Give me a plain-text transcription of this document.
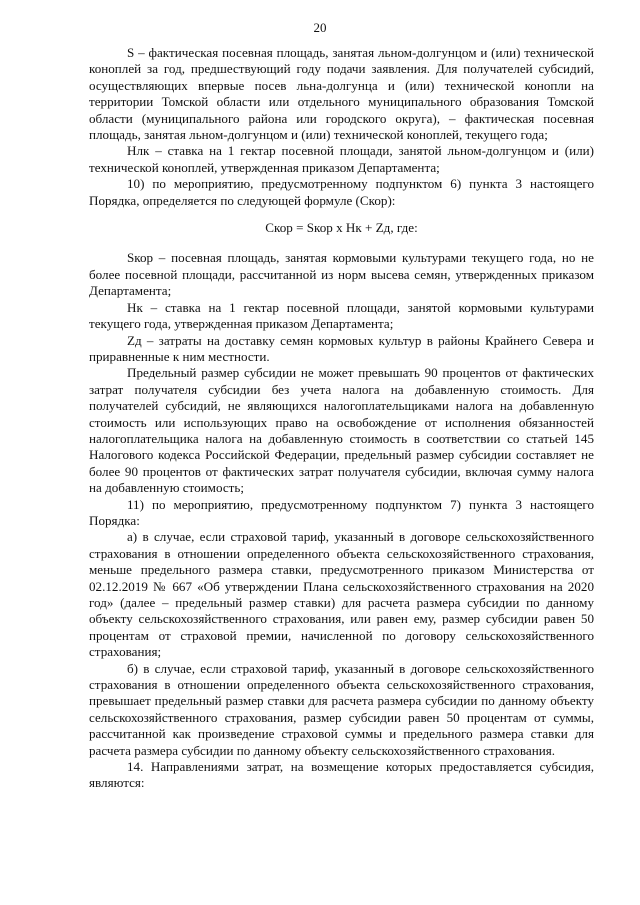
20

S – фактическая посевная площадь, занятая льном-долгунцом и (или) технической коноплей за год, предшествующий году подачи заявления. Для получателей субсидий, осуществляющих впервые посев льна-долгунца и (или) технической конопли на территории Томской области или отдельного муниципального образования Томской области (муниципального района или городского округа), – фактическая посевная площадь, занятая льном-долгунцом и (или) технической коноплей, текущего года;

Hлк – ставка на 1 гектар посевной площади, занятой льном-долгунцом и (или) технической коноплей, утвержденная приказом Департамента;

10) по мероприятию, предусмотренному подпунктом 6) пункта 3 настоящего Порядка, определяется по следующей формуле (Скор):

Скор = Sкор х Hк + Zд, где:

Sкор – посевная площадь, занятая кормовыми культурами текущего года, но не более посевной площади, рассчитанной из норм высева семян, утвержденных приказом Департамента;

Hк – ставка на 1 гектар посевной площади, занятой кормовыми культурами текущего года, утвержденная приказом Департамента;

Zд – затраты на доставку семян кормовых культур в районы Крайнего Севера и приравненные к ним местности.

Предельный размер субсидии не может превышать 90 процентов от фактических затрат получателя субсидии без учета налога на добавленную стоимость. Для получателей субсидий, не являющихся налогоплательщиками налога на добавленную стоимость или использующих право на освобождение от исполнения обязанностей налогоплательщика налога на добавленную стоимость в соответствии со статьей 145 Налогового кодекса Российской Федерации, предельный размер субсидии составляет не более 90 процентов от фактических затрат получателя субсидии, включая сумму налога на добавленную стоимость;

11) по мероприятию, предусмотренному подпунктом 7) пункта 3 настоящего Порядка:

а) в случае, если страховой тариф, указанный в договоре сельскохозяйственного страхования в отношении определенного объекта сельскохозяйственного страхования, меньше предельного размера ставки, предусмотренного приказом Министерства от 02.12.2019 № 667 «Об утверждении Плана сельскохозяйственного страхования на 2020 год» (далее – предельный размер ставки) для расчета размера субсидии по данному объекту сельскохозяйственного страхования, или равен ему, размер субсидии равен 50 процентам от страховой премии, начисленной по договору сельскохозяйственного страхования;

б) в случае, если страховой тариф, указанный в договоре сельскохозяйственного страхования в отношении определенного объекта сельскохозяйственного страхования, превышает предельный размер ставки для расчета размера субсидии по данному объекту сельскохозяйственного страхования, размер субсидии равен 50 процентам от суммы, рассчитанной как произведение страховой суммы и предельного размера ставки для расчета размера субсидии по данному объекту сельскохозяйственного страхования.

14. Направлениями затрат, на возмещение которых предоставляется субсидия, являются:
